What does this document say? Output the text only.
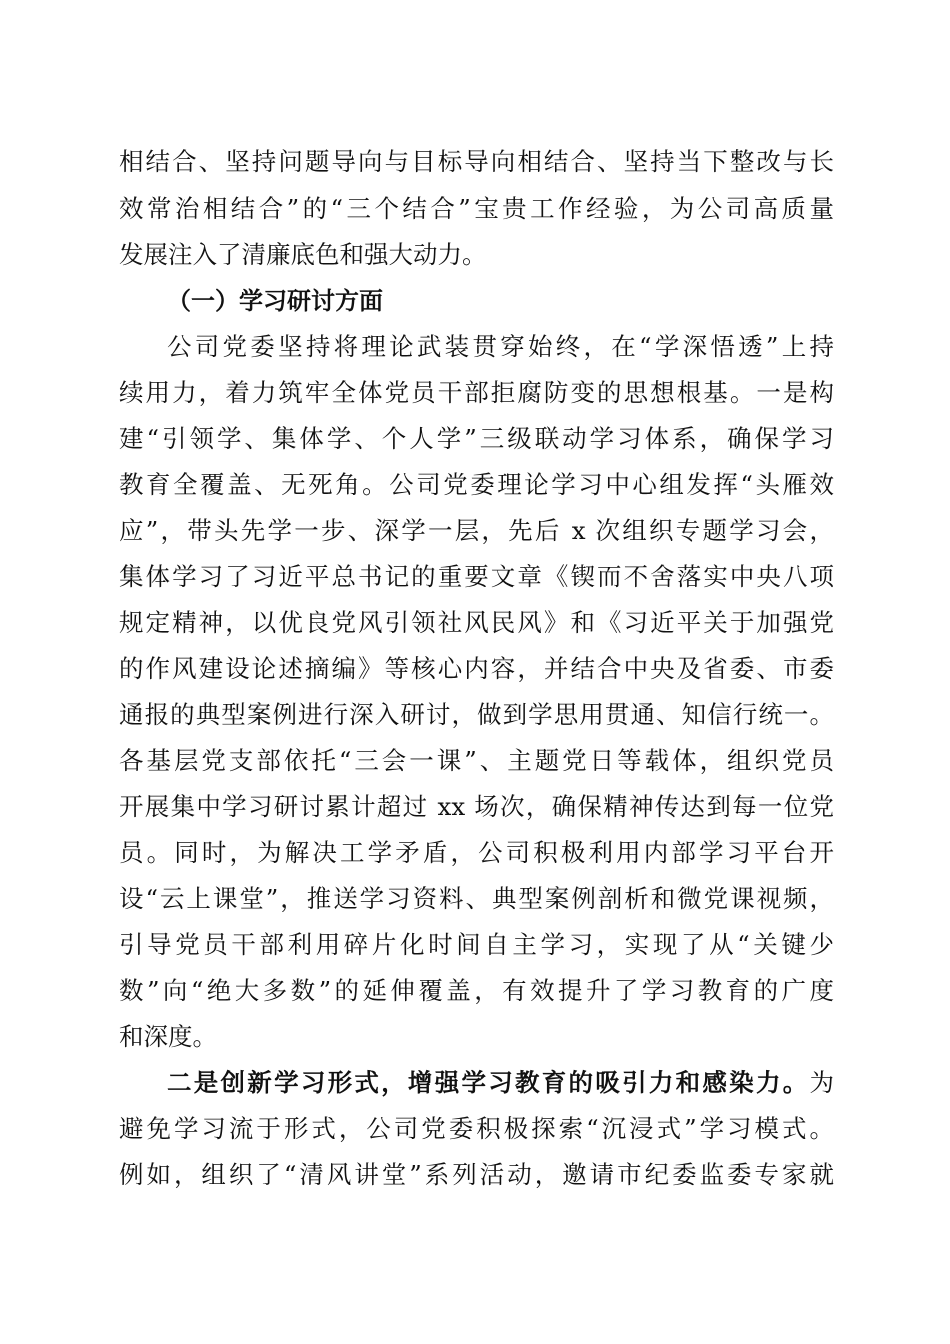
相结合、坚持问题导向与目标导向相结合、坚持当下整改与长
效常治相结合”的“三个结合”宝贵工作经验，为公司高质量
发展注入了清廉底色和强大动力。
（一）学习研讨方面
公司党委坚持将理论武装贯穿始终，在“学深悟透”上持
续用力，着力筑牢全体党员干部拒腐防变的思想根基。一是构
建“引领学、集体学、个人学”三级联动学习体系，确保学习
教育全覆盖、无死角。公司党委理论学习中心组发挥“头雁效
应”，带头先学一步、深学一层，先后 x 次组织专题学习会，
集体学习了习近平总书记的重要文章《锲而不舍落实中央八项
规定精神，以优良党风引领社风民风》和《习近平关于加强党
的作风建设论述摘编》等核心内容，并结合中央及省委、市委
通报的典型案例进行深入研讨，做到学思用贯通、知信行统一。
各基层党支部依托“三会一课”、主题党日等载体，组织党员
开展集中学习研讨累计超过 xx 场次，确保精神传达到每一位党
员。同时，为解决工学矛盾，公司积极利用内部学习平台开
设“云上课堂”，推送学习资料、典型案例剖析和微党课视频，
引导党员干部利用碎片化时间自主学习，实现了从“关键少
数”向“绝大多数”的延伸覆盖，有效提升了学习教育的广度
和深度。
二是创新学习形式，增强学习教育的吸引力和感染力。为
避免学习流于形式，公司党委积极探索“沉浸式”学习模式。
例如，组织了“清风讲堂”系列活动，邀请市纪委监委专家就
